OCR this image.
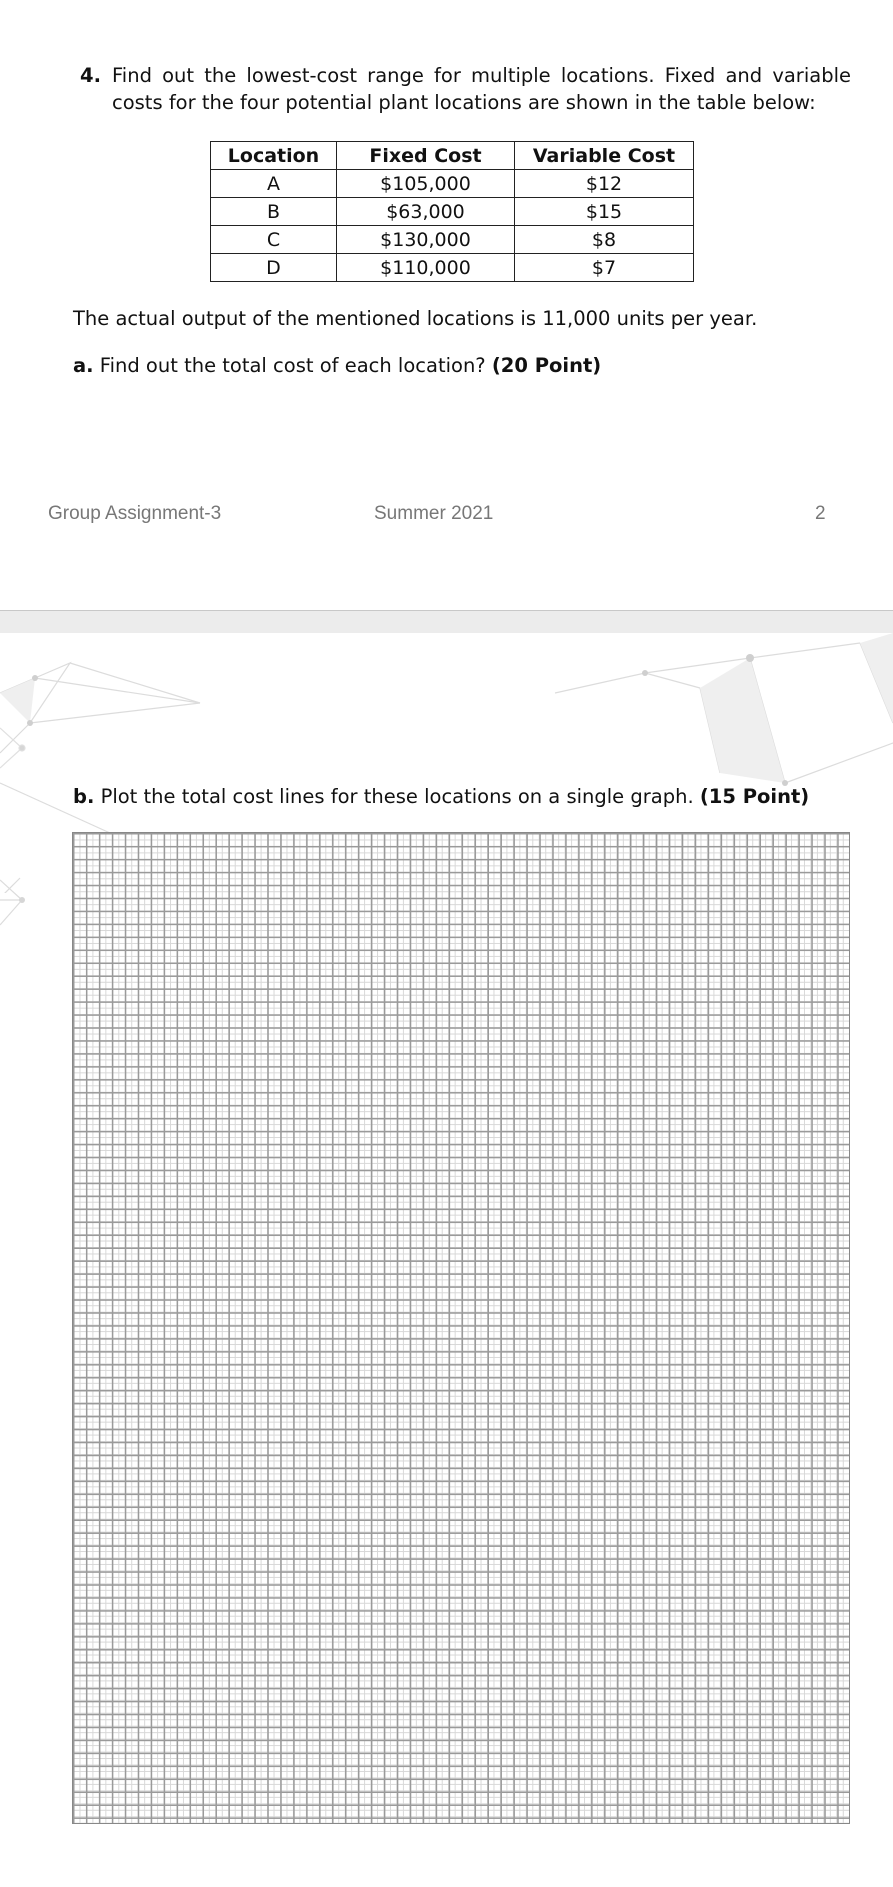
4. Find out the lowest-cost range for multiple locations. Fixed and variable
costs for the four potential plant locations are shown in the table below:
Location	Fixed Cost	Variable Cost
A	$105,000	$12
B	$63,000	$15
C	$130,000	$8
D	$110,000	$7
The actual output of the mentioned locations is 11,000 units per year.
a. Find out the total cost of each location? (20 Point)
Group Assignment-3	Summer 2021	2
b. Plot the total cost lines for these locations on a single graph. (15 Point)
